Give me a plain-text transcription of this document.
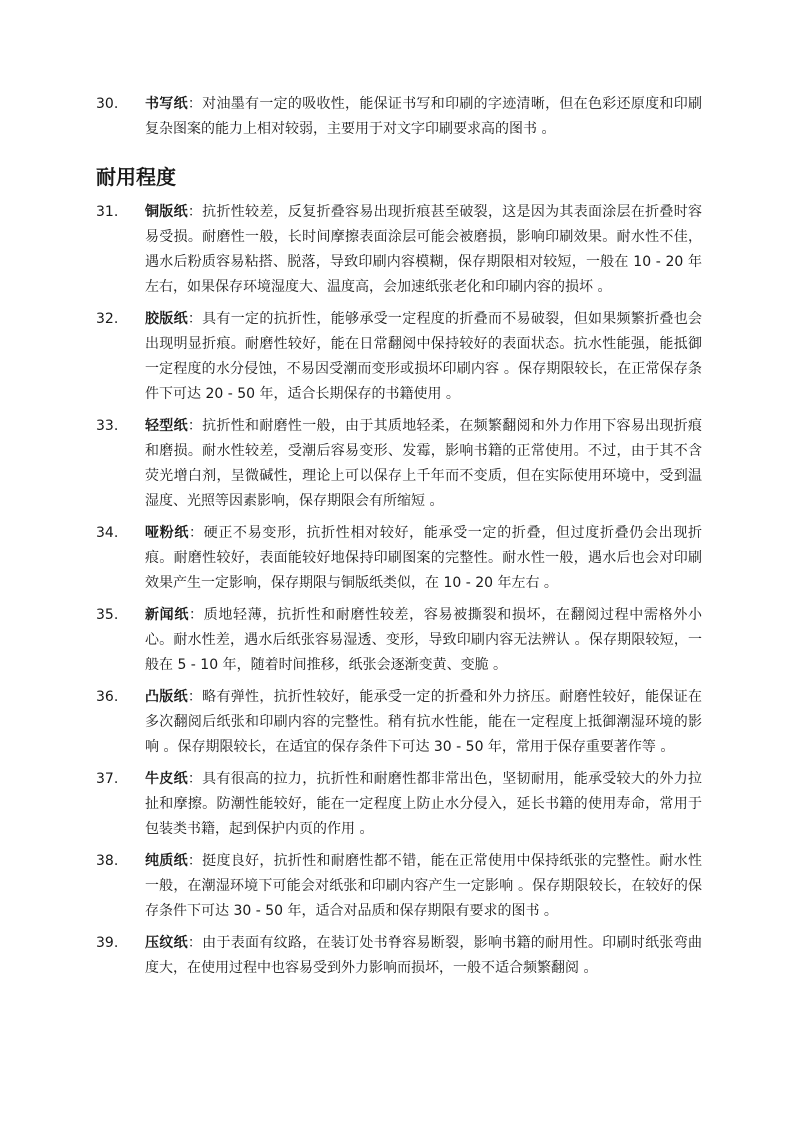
30.	书写纸：对油墨有一定的吸收性，能保证书写和印刷的字迹清晰，但在色彩还原度和印刷复杂图案的能力上相对较弱，主要用于对文字印刷要求高的图书 。
耐用程度
31.	铜版纸：抗折性较差，反复折叠容易出现折痕甚至破裂，这是因为其表面涂层在折叠时容易受损。耐磨性一般，长时间摩擦表面涂层可能会被磨损，影响印刷效果。耐水性不佳，遇水后粉质容易粘搭、脱落，导致印刷内容模糊，保存期限相对较短，一般在 10 - 20 年左右，如果保存环境湿度大、温度高，会加速纸张老化和印刷内容的损坏 。
32.	胶版纸：具有一定的抗折性，能够承受一定程度的折叠而不易破裂，但如果频繁折叠也会出现明显折痕。耐磨性较好，能在日常翻阅中保持较好的表面状态。抗水性能强，能抵御一定程度的水分侵蚀，不易因受潮而变形或损坏印刷内容 。保存期限较长，在正常保存条件下可达 20 - 50 年，适合长期保存的书籍使用 。
33.	轻型纸：抗折性和耐磨性一般，由于其质地轻柔，在频繁翻阅和外力作用下容易出现折痕和磨损。耐水性较差，受潮后容易变形、发霉，影响书籍的正常使用。不过，由于其不含荧光增白剂，呈微碱性，理论上可以保存上千年而不变质，但在实际使用环境中，受到温湿度、光照等因素影响，保存期限会有所缩短 。
34.	哑粉纸：硬正不易变形，抗折性相对较好，能承受一定的折叠，但过度折叠仍会出现折痕。耐磨性较好，表面能较好地保持印刷图案的完整性。耐水性一般，遇水后也会对印刷效果产生一定影响，保存期限与铜版纸类似，在 10 - 20 年左右 。
35.	新闻纸：质地轻薄，抗折性和耐磨性较差，容易被撕裂和损坏，在翻阅过程中需格外小心。耐水性差，遇水后纸张容易湿透、变形，导致印刷内容无法辨认 。保存期限较短，一般在 5 - 10 年，随着时间推移，纸张会逐渐变黄、变脆 。
36.	凸版纸：略有弹性，抗折性较好，能承受一定的折叠和外力挤压。耐磨性较好，能保证在多次翻阅后纸张和印刷内容的完整性。稍有抗水性能，能在一定程度上抵御潮湿环境的影响 。保存期限较长，在适宜的保存条件下可达 30 - 50 年，常用于保存重要著作等 。
37.	牛皮纸：具有很高的拉力，抗折性和耐磨性都非常出色，坚韧耐用，能承受较大的外力拉扯和摩擦。防潮性能较好，能在一定程度上防止水分侵入，延长书籍的使用寿命，常用于包装类书籍，起到保护内页的作用 。
38.	纯质纸：挺度良好，抗折性和耐磨性都不错，能在正常使用中保持纸张的完整性。耐水性一般，在潮湿环境下可能会对纸张和印刷内容产生一定影响 。保存期限较长，在较好的保存条件下可达 30 - 50 年，适合对品质和保存期限有要求的图书 。
39.	压纹纸：由于表面有纹路，在装订处书脊容易断裂，影响书籍的耐用性。印刷时纸张弯曲度大，在使用过程中也容易受到外力影响而损坏，一般不适合频繁翻阅 。
